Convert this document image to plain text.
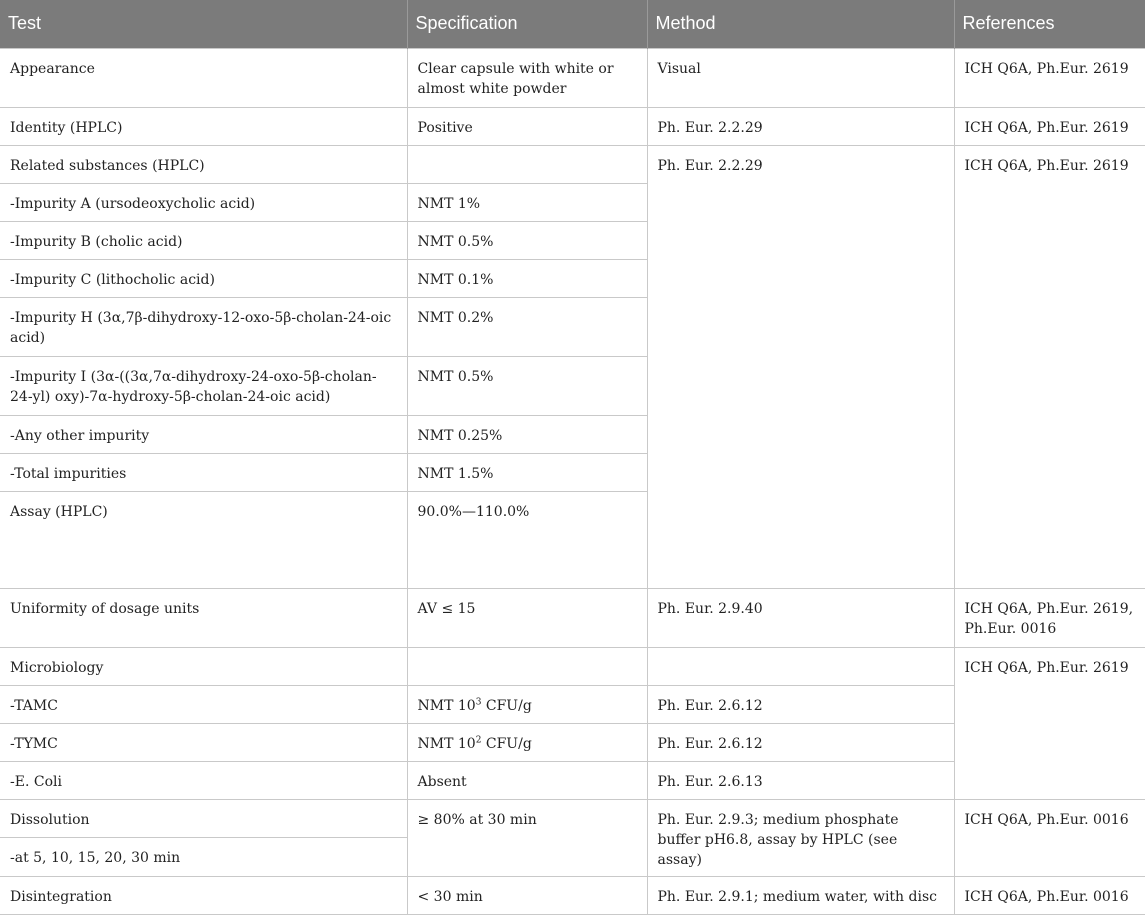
Test	Specification	Method	References	
Appearance	Clear capsule with white or almost white powder	Visual	ICH Q6A, Ph.Eur. 2619	
Identity (HPLC)	Positive	Ph. Eur. 2.2.29	ICH Q6A, Ph.Eur. 2619	
Related substances (HPLC)		Ph. Eur. 2.2.29	ICH Q6A, Ph.Eur. 2619	
-Impurity A (ursodeoxycholic acid)	NMT 1%			
-Impurity B (cholic acid)	NMT 0.5%			
-Impurity C (lithocholic acid)	NMT 0.1%			
-Impurity H (3α,7β-dihydroxy-12-oxo-5β-cholan-24-oic acid)	NMT 0.2%			
-Impurity I (3α-((3α,7α-dihydroxy-24-oxo-5β-cholan-24-yl) oxy)-7α-hydroxy-5β-cholan-24-oic acid)	NMT 0.5%			
-Any other impurity	NMT 0.25%			
-Total impurities	NMT 1.5%			
Assay (HPLC)	90.0%—110.0%		
Uniformity of dosage units	AV ≤ 15	Ph. Eur. 2.9.40	ICH Q6A, Ph.Eur. 2619, Ph.Eur. 0016	
Microbiology			ICH Q6A, Ph.Eur. 2619	
-TAMC	NMT $10^3$ CFU/g	Ph. Eur. 2.6.12		
-TYMC	NMT $10^2$ CFU/g	Ph. Eur. 2.6.12		
-E. Coli	Absent	Ph. Eur. 2.6.13		
Dissolution	≥ 80% at 30 min	Ph. Eur. 2.9.3; medium phosphate buffer pH6.8, assay by HPLC (see assay)	ICH Q6A, Ph.Eur. 0016	
-at 5, 10, 15, 20, 30 min				
Disintegration	< 30 min	Ph. Eur. 2.9.1; medium water, with disc	ICH Q6A, Ph.Eur. 0016	
